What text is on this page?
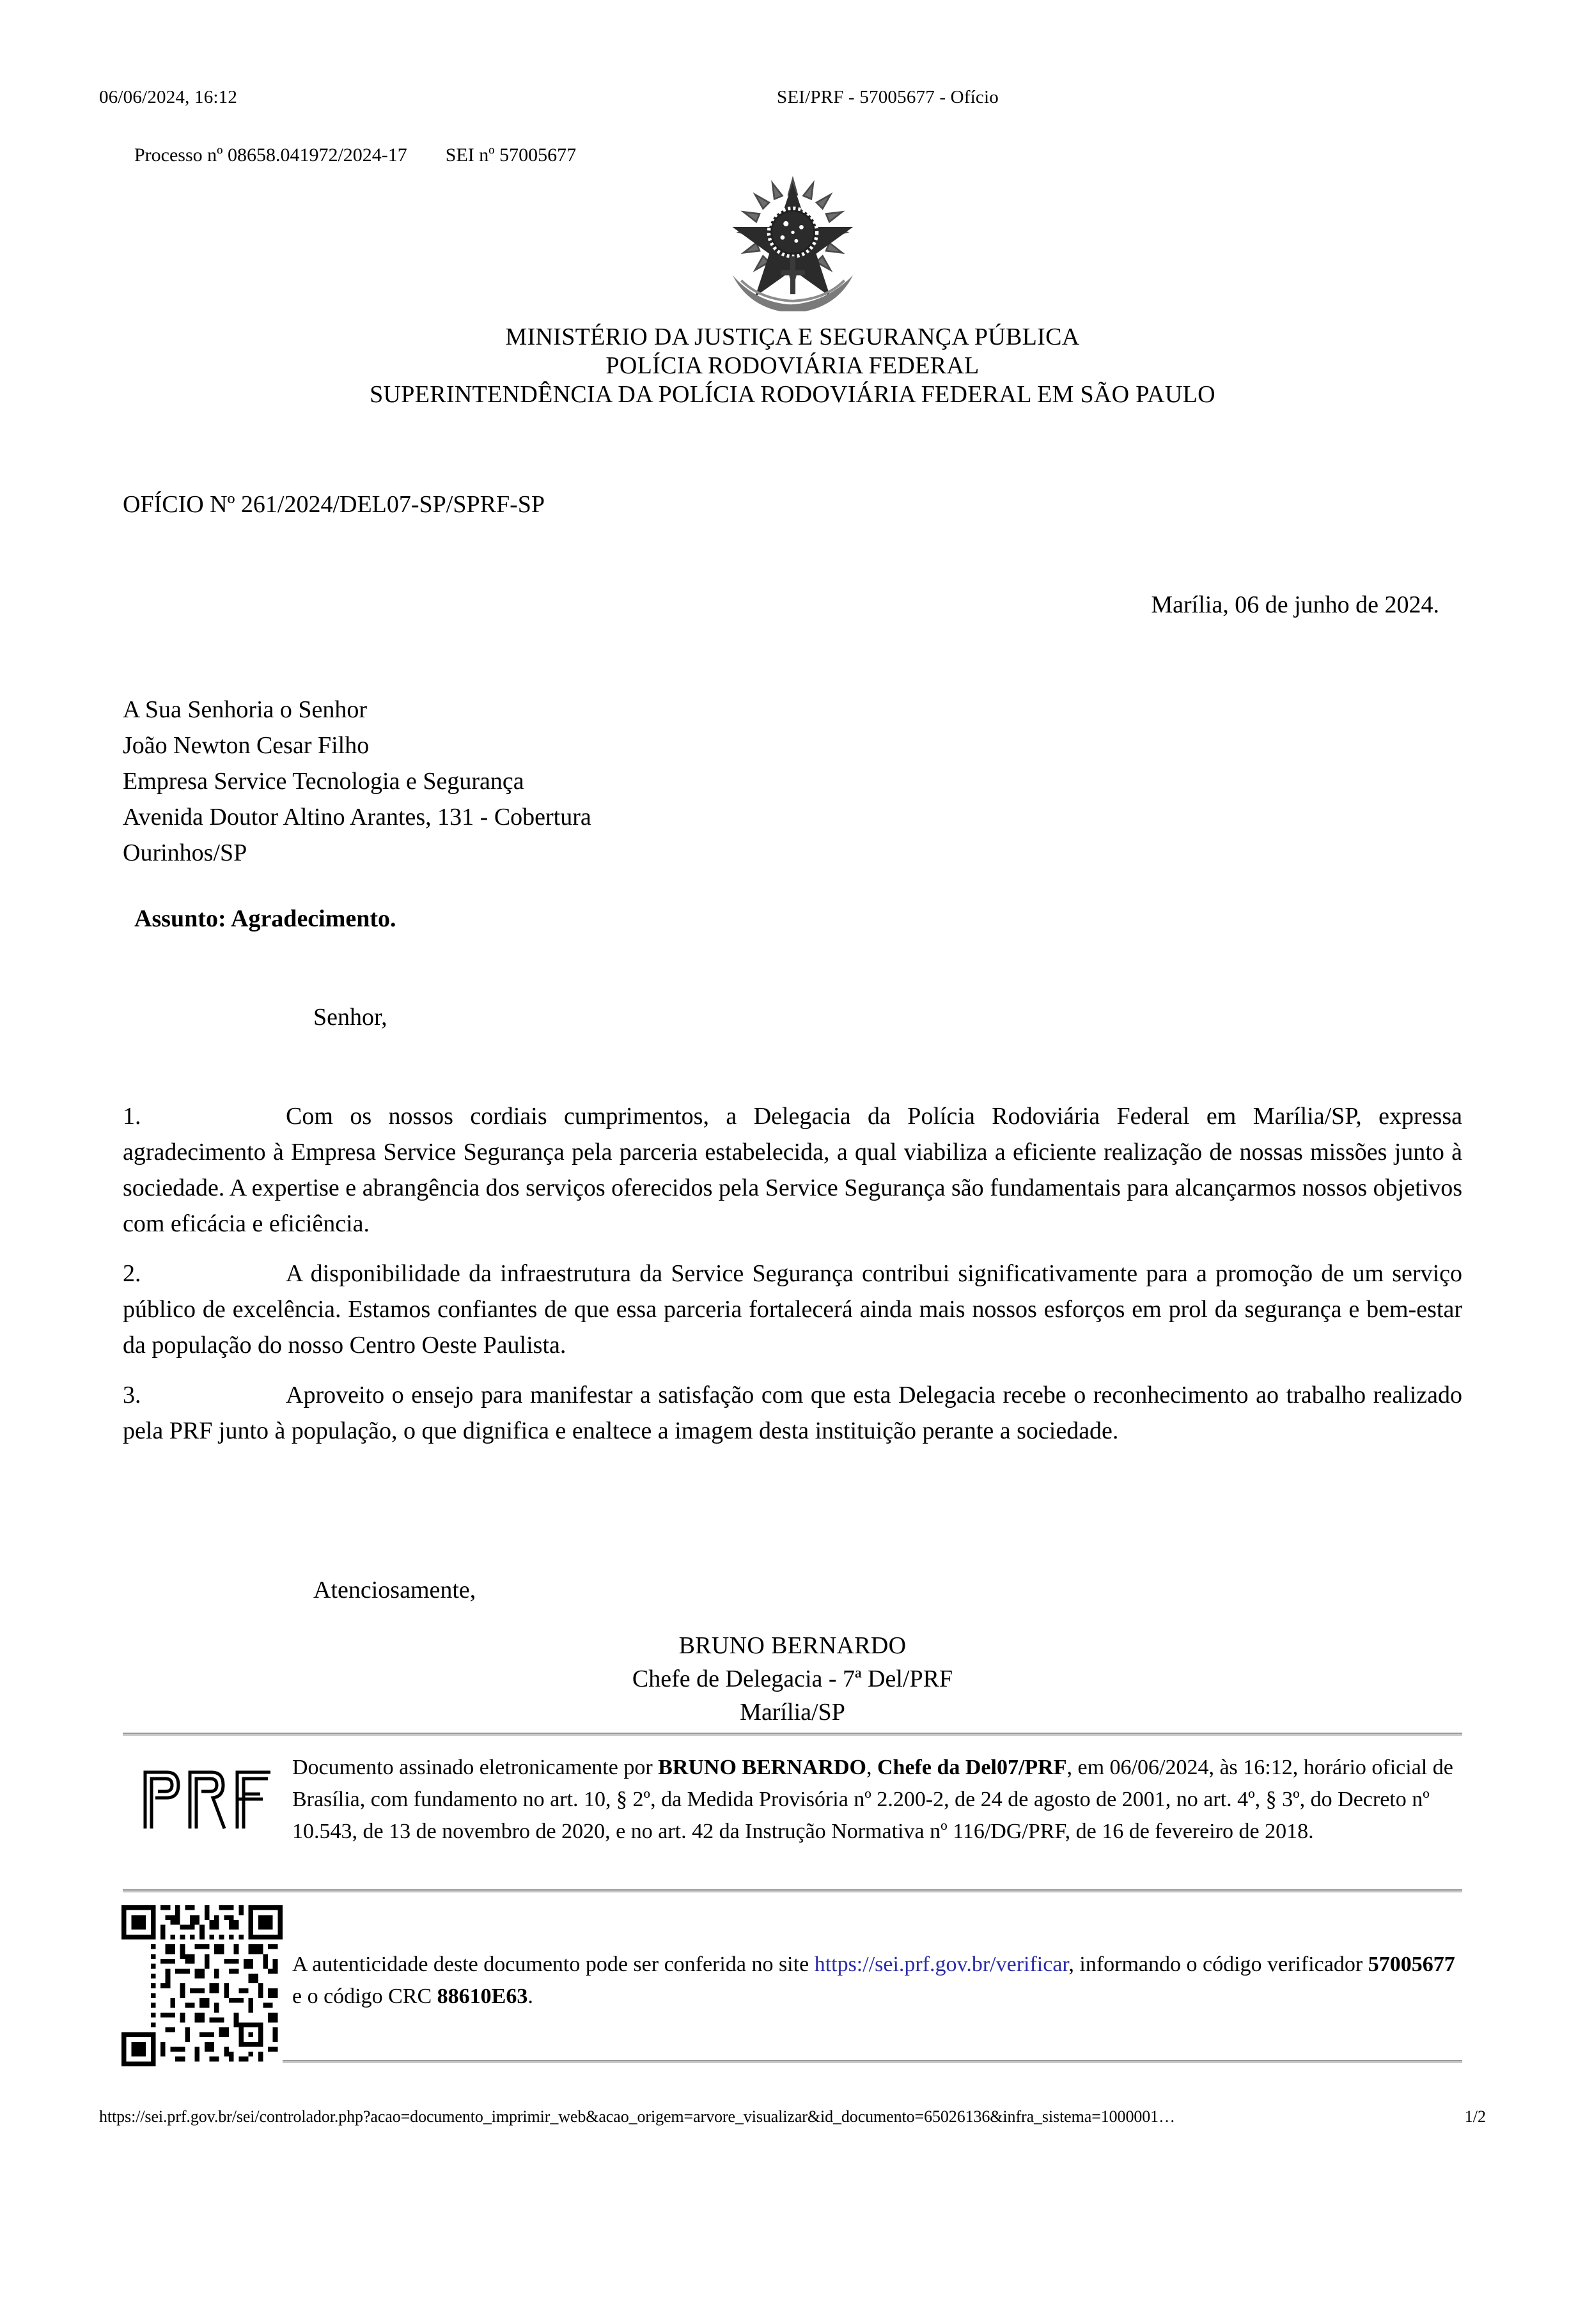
06/06/2024, 16:12	SEI/PRF - 57005677 - Ofício
Processo nº 08658.041972/2024-17        SEI nº 57005677
MINISTÉRIO DA JUSTIÇA E SEGURANÇA PÚBLICA
POLÍCIA RODOVIÁRIA FEDERAL
SUPERINTENDÊNCIA DA POLÍCIA RODOVIÁRIA FEDERAL EM SÃO PAULO
OFÍCIO Nº 261/2024/DEL07-SP/SPRF-SP
Marília, 06 de junho de 2024.
A Sua Senhoria o Senhor
João Newton Cesar Filho
Empresa Service Tecnologia e Segurança
Avenida Doutor Altino Arantes, 131 - Cobertura
Ourinhos/SP
Assunto: Agradecimento.
Senhor,

1.	Com os nossos cordiais cumprimentos, a Delegacia da Polícia Rodoviária Federal em Marília/SP, expressa agradecimento à Empresa Service Segurança pela parceria estabelecida, a qual viabiliza a eficiente realização de nossas missões junto à sociedade. A expertise e abrangência dos serviços oferecidos pela Service Segurança são fundamentais para alcançarmos nossos objetivos com eficácia e eficiência.

2.	A disponibilidade da infraestrutura da Service Segurança contribui significativamente para a promoção de um serviço público de excelência. Estamos confiantes de que essa parceria fortalecerá ainda mais nossos esforços em prol da segurança e bem-estar da população do nosso Centro Oeste Paulista.

3.	Aproveito o ensejo para manifestar a satisfação com que esta Delegacia recebe o reconhecimento ao trabalho realizado pela PRF junto à população, o que dignifica e enaltece a imagem desta instituição perante a sociedade.

Atenciosamente,
BRUNO BERNARDO
Chefe de Delegacia - 7ª Del/PRF
Marília/SP
Documento assinado eletronicamente por BRUNO BERNARDO, Chefe da Del07/PRF, em 06/06/2024, às 16:12, horário oficial de Brasília, com fundamento no art. 10, § 2º, da Medida Provisória nº 2.200-2, de 24 de agosto de 2001, no art. 4º, § 3º, do Decreto nº 10.543, de 13 de novembro de 2020, e no art. 42 da Instrução Normativa nº 116/DG/PRF, de 16 de fevereiro de 2018.
A autenticidade deste documento pode ser conferida no site https://sei.prf.gov.br/verificar, informando o código verificador 57005677 e o código CRC 88610E63.
https://sei.prf.gov.br/sei/controlador.php?acao=documento_imprimir_web&acao_origem=arvore_visualizar&id_documento=65026136&infra_sistema=1000001…	1/2
